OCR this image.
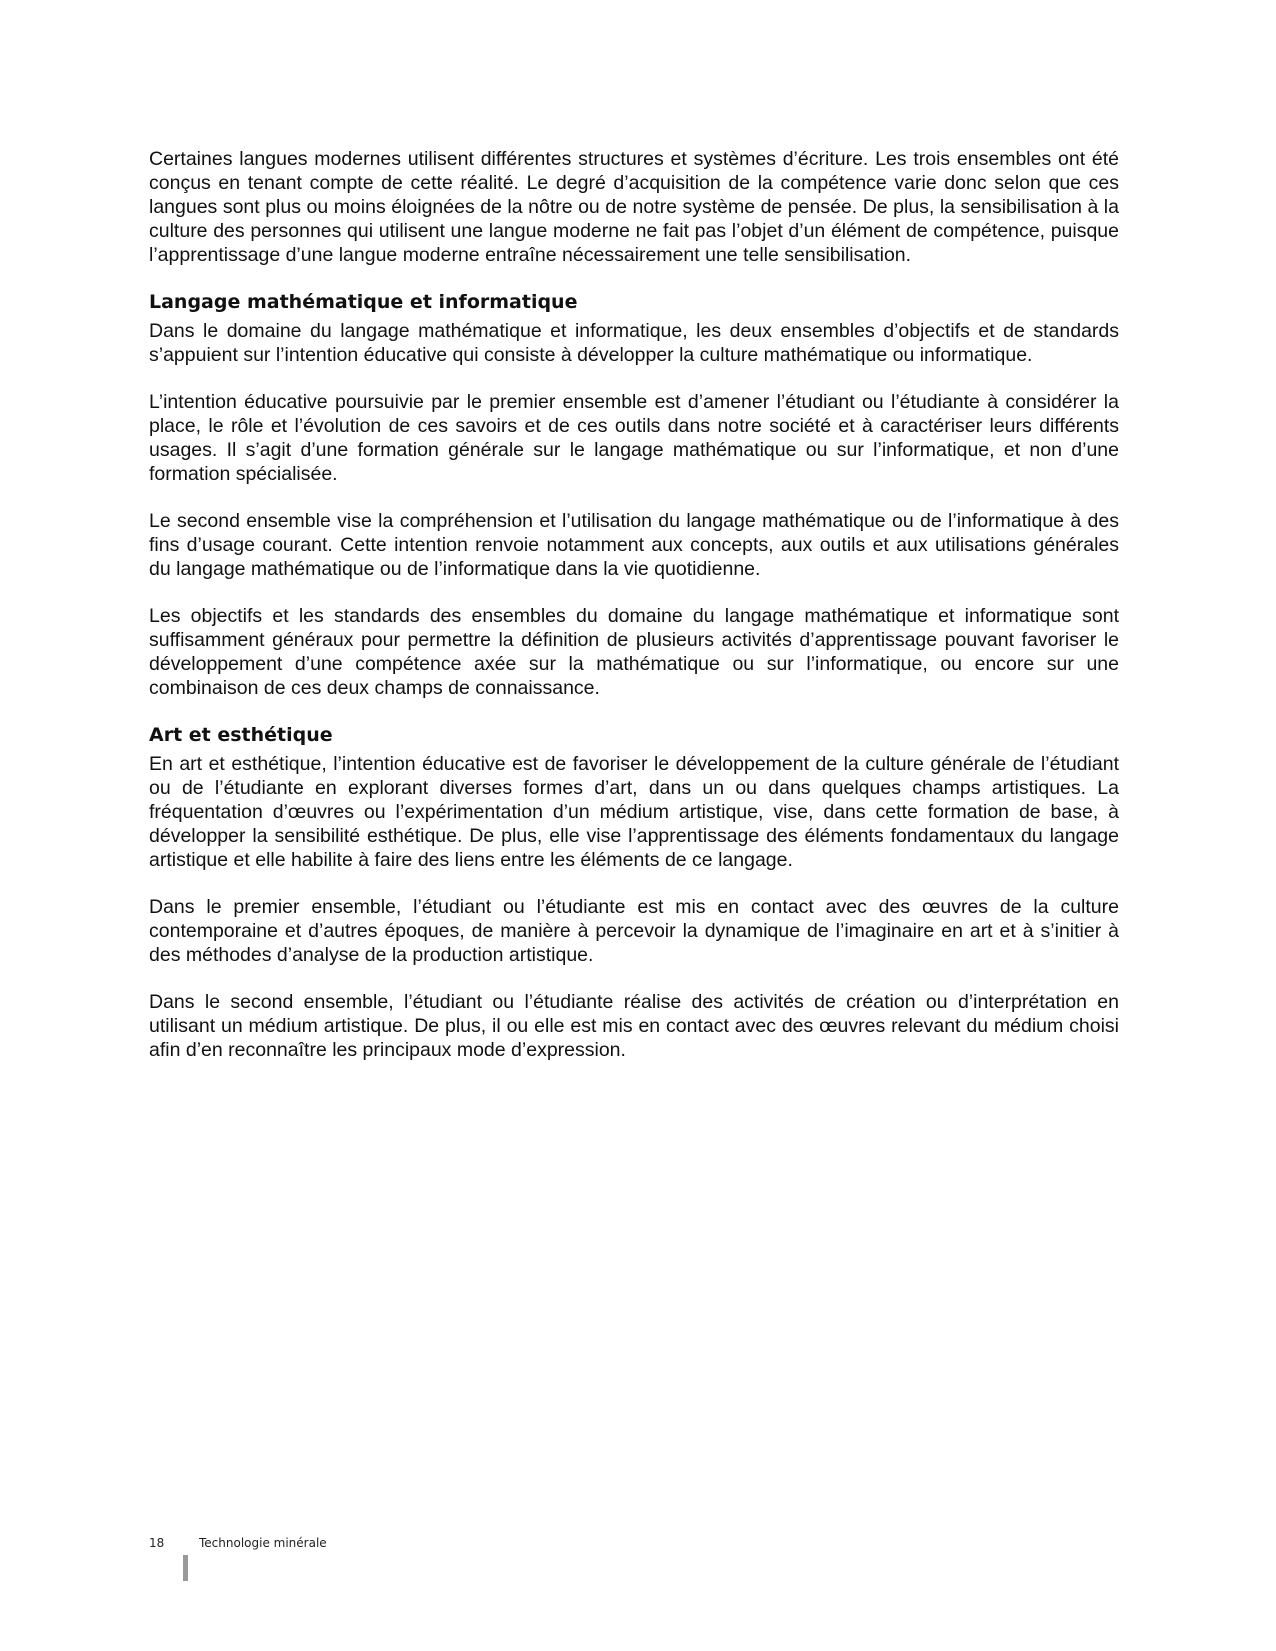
Certaines langues modernes utilisent différentes structures et systèmes d’écriture. Les trois ensembles ont été conçus en tenant compte de cette réalité. Le degré d’acquisition de la compétence varie donc selon que ces langues sont plus ou moins éloignées de la nôtre ou de notre système de pensée. De plus, la sensibilisation à la culture des personnes qui utilisent une langue moderne ne fait pas l’objet d’un élément de compétence, puisque l’apprentissage d’une langue moderne entraîne nécessairement une telle sensibilisation.

Langage mathématique et informatique

Dans le domaine du langage mathématique et informatique, les deux ensembles d’objectifs et de standards s’appuient sur l’intention éducative qui consiste à développer la culture mathématique ou informatique.

L’intention éducative poursuivie par le premier ensemble est d’amener l’étudiant ou l’étudiante à considérer la place, le rôle et l’évolution de ces savoirs et de ces outils dans notre société et à caractériser leurs différents usages. Il s’agit d’une formation générale sur le langage mathématique ou sur l’informatique, et non d’une formation spécialisée.

Le second ensemble vise la compréhension et l’utilisation du langage mathématique ou de l’informatique à des fins d’usage courant. Cette intention renvoie notamment aux concepts, aux outils et aux utilisations générales du langage mathématique ou de l’informatique dans la vie quotidienne.

Les objectifs et les standards des ensembles du domaine du langage mathématique et informatique sont suffisamment généraux pour permettre la définition de plusieurs activités d’apprentissage pouvant favoriser le développement d’une compétence axée sur la mathématique ou sur l’informatique, ou encore sur une combinaison de ces deux champs de connaissance.

Art et esthétique

En art et esthétique, l’intention éducative est de favoriser le développement de la culture générale de l’étudiant ou de l’étudiante en explorant diverses formes d’art, dans un ou dans quelques champs artistiques. La fréquentation d’œuvres ou l’expérimentation d’un médium artistique, vise, dans cette formation de base, à développer la sensibilité esthétique. De plus, elle vise l’apprentissage des éléments fondamentaux du langage artistique et elle habilite à faire des liens entre les éléments de ce langage.

Dans le premier ensemble, l’étudiant ou l’étudiante est mis en contact avec des œuvres de la culture contemporaine et d’autres époques, de manière à percevoir la dynamique de l’imaginaire en art et à s’initier à des méthodes d’analyse de la production artistique.

Dans le second ensemble, l’étudiant ou l’étudiante réalise des activités de création ou d’interprétation en utilisant un médium artistique. De plus, il ou elle est mis en contact avec des œuvres relevant du médium choisi afin d’en reconnaître les principaux mode d’expression.

18	Technologie minérale
